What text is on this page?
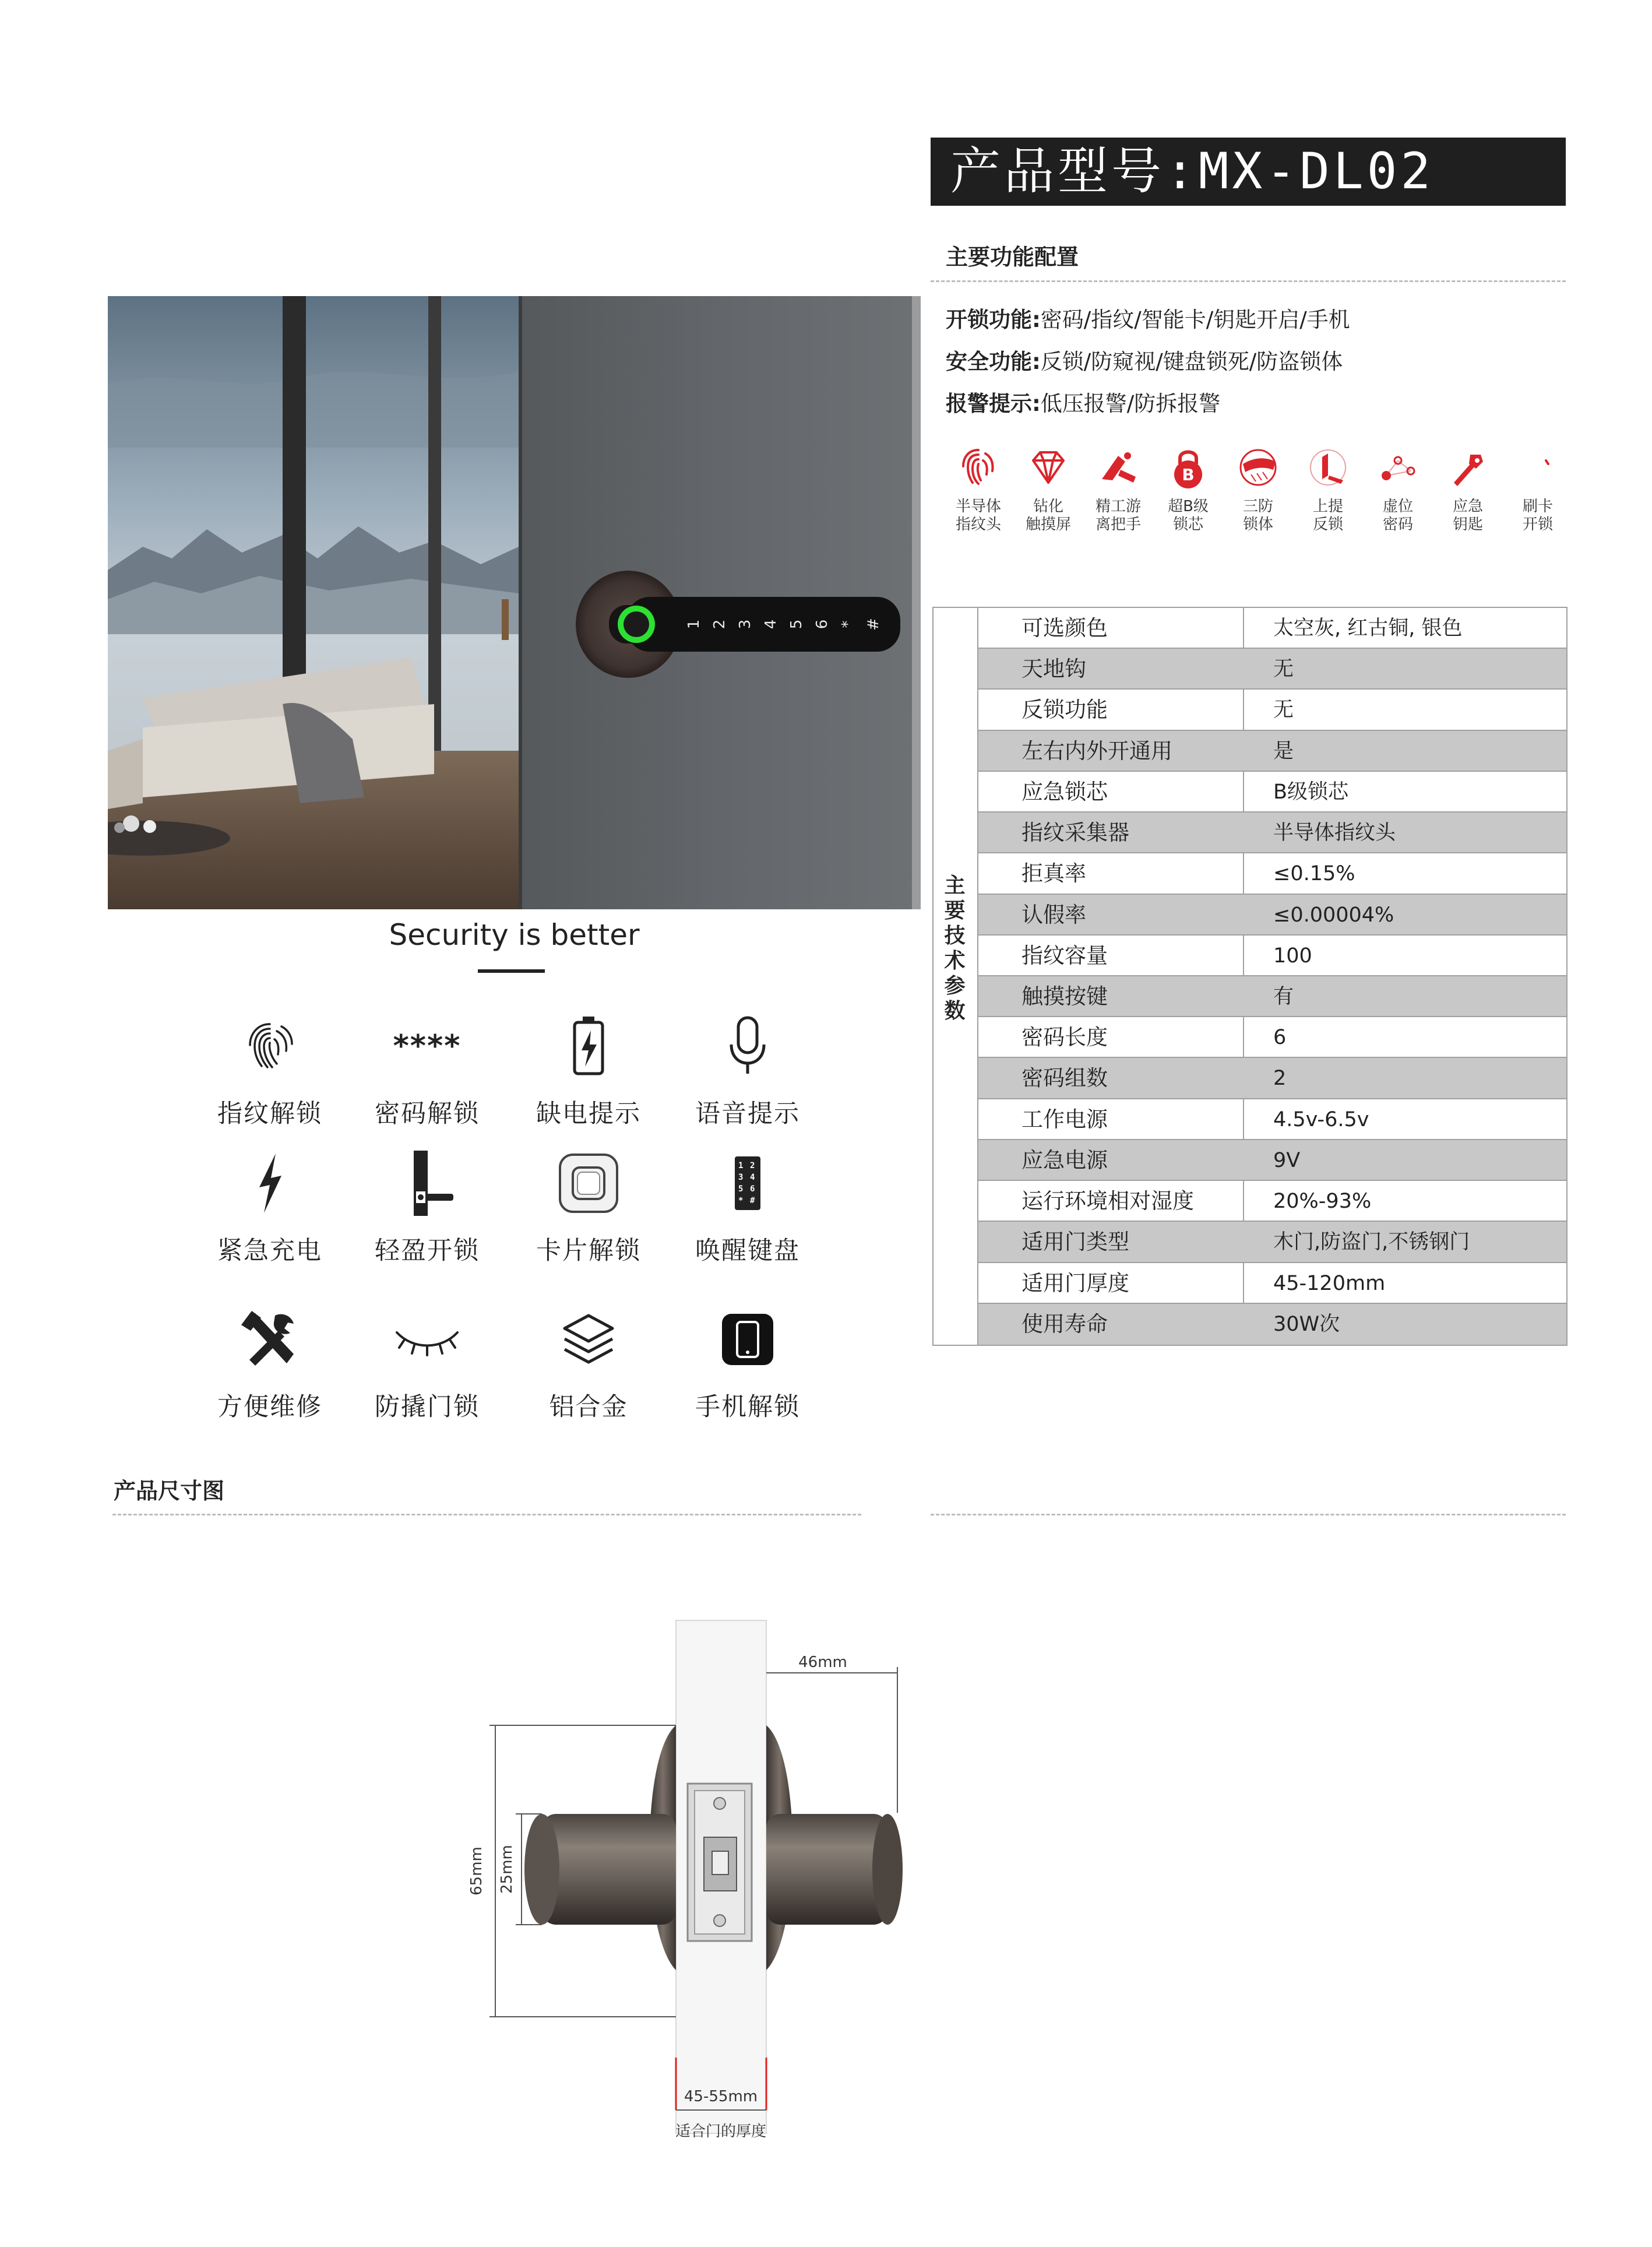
产品型号:MX-DL02
主要功能配置
开锁功能:密码/指纹/智能卡/钥匙开启/手机
安全功能:反锁/防窥视/键盘锁死/防盗锁体
报警提示:低压报警/防拆报警
半导体
指纹头
钻化
触摸屏
精工游
离把手
B
超B级
锁芯
三防
锁体
上提
反锁
虚位
密码
应急
钥匙
刷卡
开锁
1 2 3 4 5 6 * #
Security is better
指纹解锁
****
密码解锁	缺电提示	语音提示
紧急充电	轻盈开锁	卡片解锁
1 2
3 4
5 6
* #
唤醒键盘
方便维修	防撬门锁	铝合金	手机解锁
主
要
技
术
参
数
可选颜色	太空灰, 红古铜, 银色
天地钩	无
反锁功能	无
左右内外开通用	是
应急锁芯	B级锁芯
指纹采集器	半导体指纹头
拒真率	≤0.15%
认假率	≤0.00004%
指纹容量	100
触摸按键	有
密码长度	6
密码组数	2
工作电源	4.5v-6.5v
应急电源	9V
运行环境相对湿度	20%-93%
适用门类型	木门,防盗门,不锈钢门
适用门厚度	45-120mm
使用寿命	30W次
产品尺寸图
46mm
65mm 25mm
45-55mm
适合门的厚度
